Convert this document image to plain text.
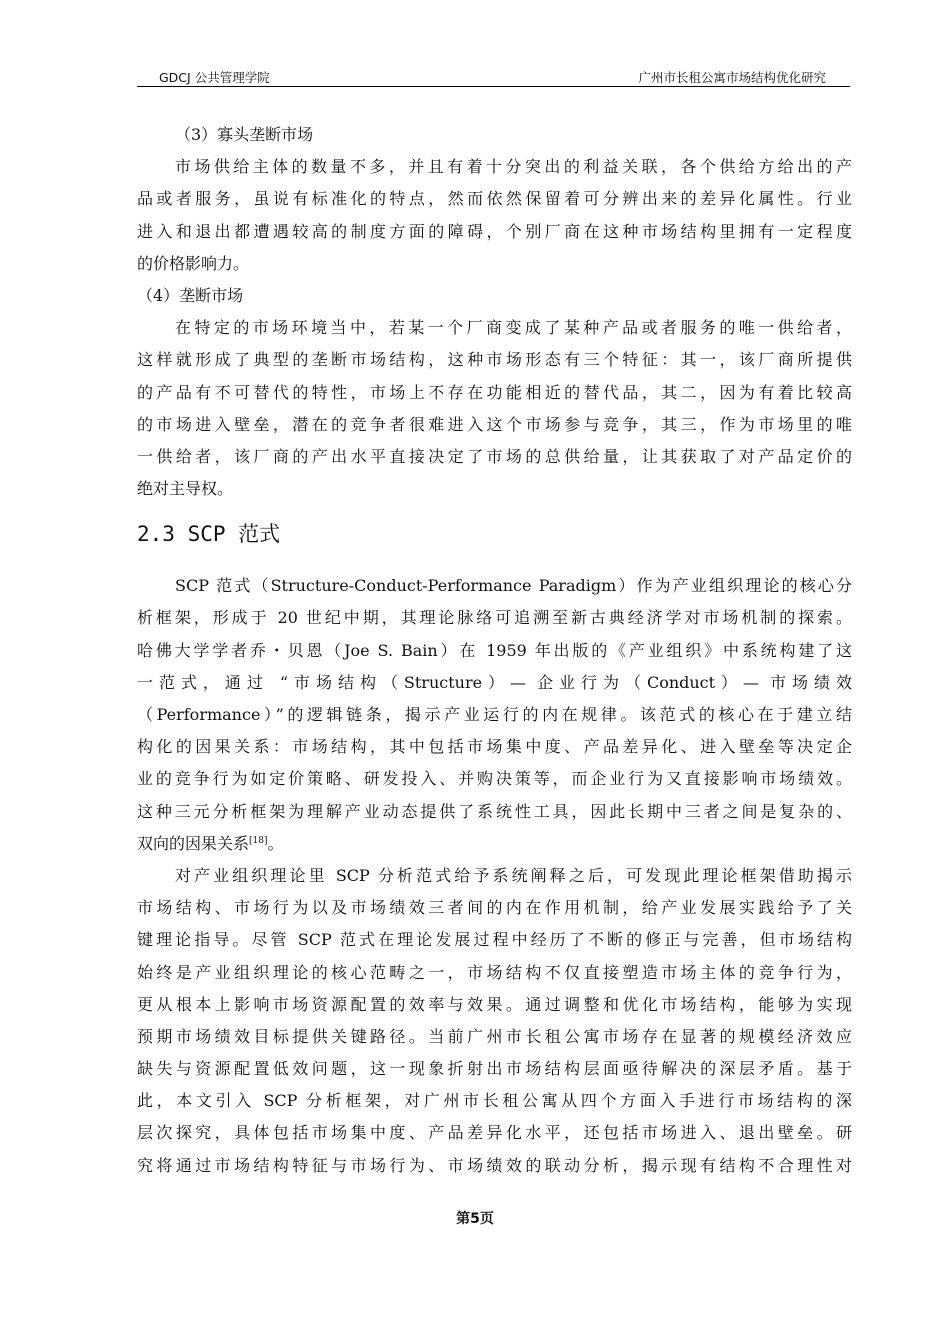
GDCJ 公共管理学院	广州市长租公寓市场结构优化研究
（3）寡头垄断市场
市场供给主体的数量不多，并且有着十分突出的利益关联，各个供给方给出的产
品或者服务，虽说有标准化的特点，然而依然保留着可分辨出来的差异化属性。行业
进入和退出都遭遇较高的制度方面的障碍，个别厂商在这种市场结构里拥有一定程度
的价格影响力。
（4）垄断市场
在特定的市场环境当中，若某一个厂商变成了某种产品或者服务的唯一供给者，
这样就形成了典型的垄断市场结构，这种市场形态有三个特征：其一，该厂商所提供
的产品有不可替代的特性，市场上不存在功能相近的替代品，其二，因为有着比较高
的市场进入壁垒，潜在的竞争者很难进入这个市场参与竞争，其三，作为市场里的唯
一供给者，该厂商的产出水平直接决定了市场的总供给量，让其获取了对产品定价的
绝对主导权。
2.3 SCP 范式
SCP 范式（Structure-Conduct-Performance Paradigm）作为产业组织理论的核心分
析框架，形成于 20 世纪中期，其理论脉络可追溯至新古典经济学对市场机制的探索。
哈佛大学学者乔・贝恩（Joe S. Bain）在 1959 年出版的《产业组织》中系统构建了这
一范式，通过 “市场结构（Structure）— 企业行为（Conduct）— 市场绩效
（Performance）”的逻辑链条，揭示产业运行的内在规律。该范式的核心在于建立结
构化的因果关系：市场结构，其中包括市场集中度、产品差异化、进入壁垒等决定企
业的竞争行为如定价策略、研发投入、并购决策等，而企业行为又直接影响市场绩效。
这种三元分析框架为理解产业动态提供了系统性工具，因此长期中三者之间是复杂的、
双向的因果关系[18]。
对产业组织理论里 SCP 分析范式给予系统阐释之后，可发现此理论框架借助揭示
市场结构、市场行为以及市场绩效三者间的内在作用机制，给产业发展实践给予了关
键理论指导。尽管 SCP 范式在理论发展过程中经历了不断的修正与完善，但市场结构
始终是产业组织理论的核心范畴之一，市场结构不仅直接塑造市场主体的竞争行为，
更从根本上影响市场资源配置的效率与效果。通过调整和优化市场结构，能够为实现
预期市场绩效目标提供关键路径。当前广州市长租公寓市场存在显著的规模经济效应
缺失与资源配置低效问题，这一现象折射出市场结构层面亟待解决的深层矛盾。基于
此，本文引入 SCP 分析框架，对广州市长租公寓从四个方面入手进行市场结构的深
层次探究，具体包括市场集中度、产品差异化水平，还包括市场进入、退出壁垒。研
究将通过市场结构特征与市场行为、市场绩效的联动分析，揭示现有结构不合理性对
第5页
